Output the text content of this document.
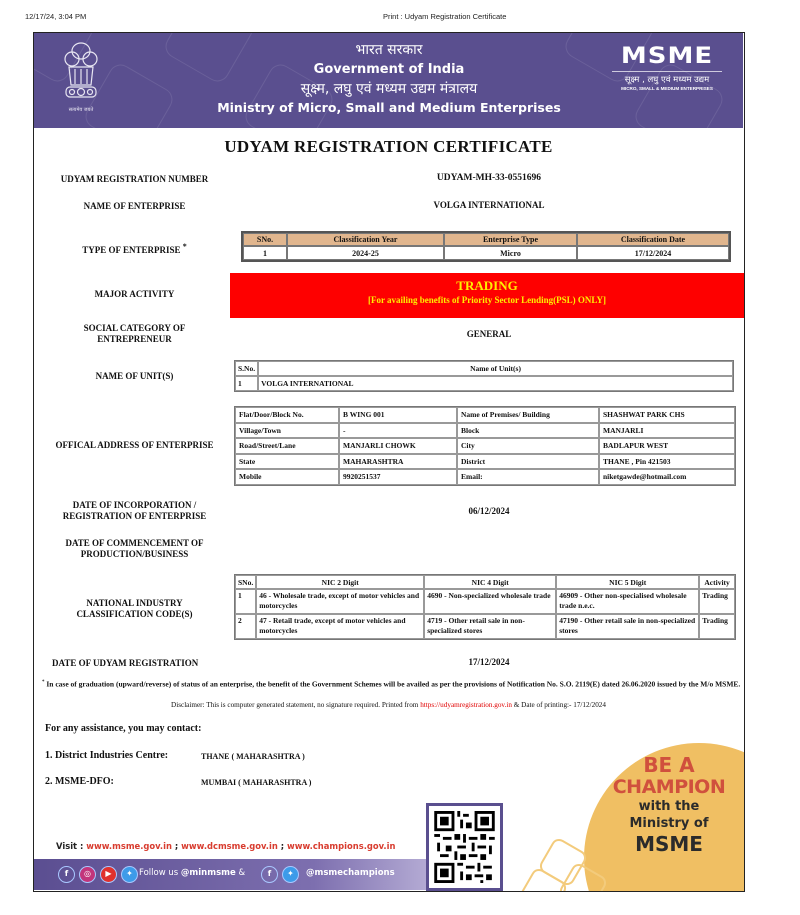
12/17/24, 3:04 PM	Print : Udyam Registration Certificate
सत्यमेव जयते
भारत सरकार
Government of India
सूक्ष्म, लघु एवं मध्यम उद्यम मंत्रालय
Ministry of Micro, Small and Medium Enterprises
MSME
सूक्ष्म , लघु एवं मध्यम उद्यम
MICRO, SMALL & MEDIUM ENTERPRISES
UDYAM REGISTRATION CERTIFICATE
UDYAM REGISTRATION NUMBER	UDYAM-MH-33-0551696
NAME OF ENTERPRISE	VOLGA INTERNATIONAL
TYPE OF ENTERPRISE *
SNo.	Classification Year	Enterprise Type	Classification Date
1	2024-25	Micro	17/12/2024
MAJOR ACTIVITY
TRADING
[For availing benefits of Priority Sector Lending(PSL) ONLY]
SOCIAL CATEGORY OF ENTREPRENEUR	GENERAL
NAME OF UNIT(S)
S.No.	Name of Unit(s)
1	VOLGA INTERNATIONAL
OFFICAL ADDRESS OF ENTERPRISE
Flat/Door/Block No.	B WING 001	Name of Premises/ Building	SHASHWAT PARK CHS
Village/Town	-	Block	MANJARLI
Road/Street/Lane	MANJARLI CHOWK	City	BADLAPUR WEST
State	MAHARASHTRA	District	THANE , Pin 421503
Mobile	9920251537	Email:	niketgawde@hotmail.com
DATE OF INCORPORATION / REGISTRATION OF ENTERPRISE	06/12/2024
DATE OF COMMENCEMENT OF PRODUCTION/BUSINESS
NATIONAL INDUSTRY CLASSIFICATION CODE(S)
SNo.	NIC 2 Digit	NIC 4 Digit	NIC 5 Digit	Activity
1	46 - Wholesale trade, except of motor vehicles and motorcycles	4690 - Non-specialized wholesale trade	46909 - Other non-specialised wholesale trade n.e.c.	Trading
2	47 - Retail trade, except of motor vehicles and motorcycles	4719 - Other retail sale in non-specialized stores	47190 - Other retail sale in non-specialized stores	Trading
DATE OF UDYAM REGISTRATION	17/12/2024
* In case of graduation (upward/reverse) of status of an enterprise, the benefit of the Government Schemes will be availed as per the provisions of Notification No. S.O. 2119(E) dated 26.06.2020 issued by the M/o MSME.
Disclaimer: This is computer generated statement, no signature required. Printed from https://udyamregistration.gov.in & Date of printing:- 17/12/2024
For any assistance, you may contact:
1. District Industries Centre:	THANE ( MAHARASHTRA )
2. MSME-DFO:	MUMBAI ( MAHARASHTRA )
BE A
CHAMPION
with the
Ministry of
MSME
Visit : www.msme.gov.in ; www.dcmsme.gov.in ; www.champions.gov.in
f	◎	▶	✦ Follow us @minmsme &	f	✦	@msmechampions
